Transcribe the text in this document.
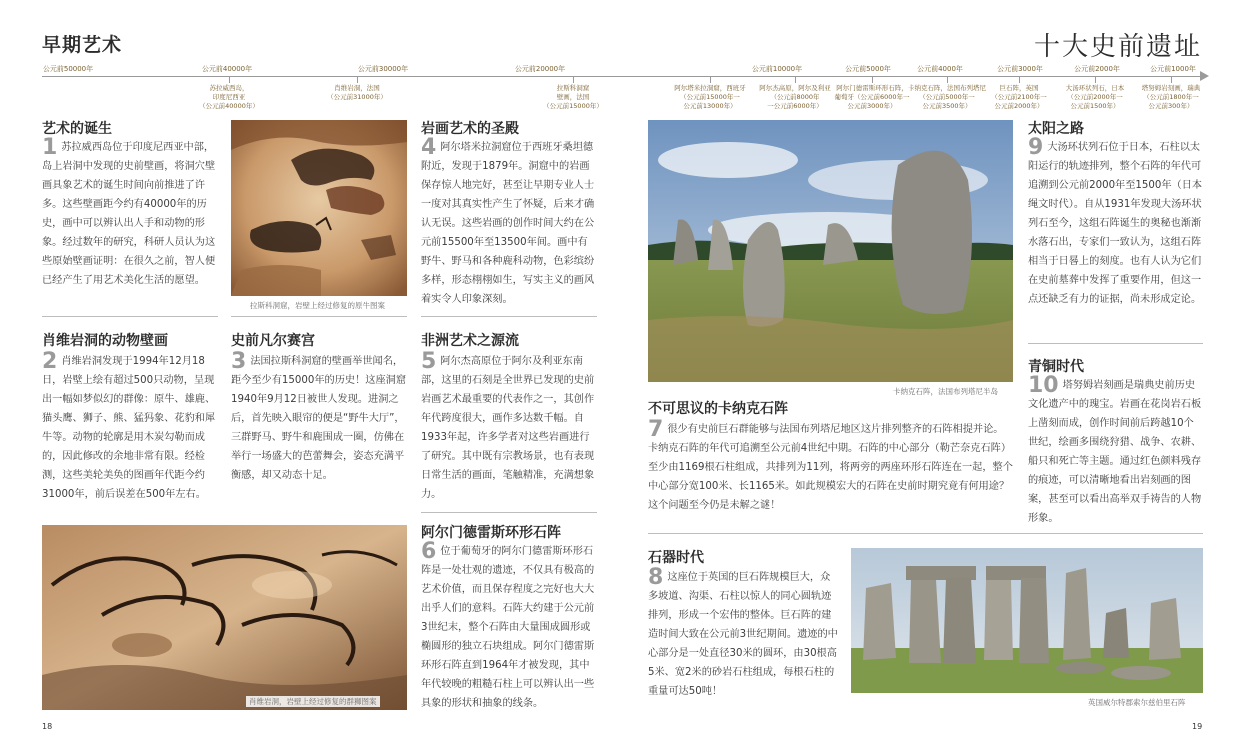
早期艺术	十大史前遗址
公元前50000年	公元前40000年	公元前30000年	公元前20000年	公元前10000年	公元前5000年	公元前4000年	公元前3000年	公元前2000年	公元前1000年
苏拉威西岛，
印度尼西亚
（公元前40000年）
肖维岩洞，法国
（公元前31000年）
拉斯科洞窟
壁画，法国
（公元前15000年）
阿尔塔米拉洞窟，西班牙
（公元前15000年一
公元前13000年）
阿尔杰高原，阿尔及利亚
（公元前8000年
一公元前6000年）
阿尔门德雷斯环形石阵，
葡萄牙（公元前6000年一
公元前3000年）
卡纳克石阵，法国布列塔尼
（公元前5000年一
公元前3500年）
巨石阵，英国
（公元前2100年一
公元前2000年）
大汤环状列石，日本
（公元前2000年一
公元前1500年）
塔努姆岩刻画，瑞典
（公元前1800年一
公元前300年）
艺术的诞生
1 苏拉威西岛位于印度尼西亚中部，岛上岩洞中发现的史前壁画，将洞穴壁画具象艺术的诞生时间向前推进了许多。这些壁画距今约有40000年的历史，画中可以辨认出人手和动物的形象。经过数年的研究，科研人员认为这些原始壁画证明：在很久之前，智人便已经产生了用艺术美化生活的愿望。
肖维岩洞的动物壁画
2 肖维岩洞发现于1994年12月18日，岩壁上绘有超过500只动物，呈现出一幅如梦似幻的群像：原牛、雄鹿、猫头鹰、狮子、熊、猛犸象、花豹和犀牛等。动物的轮廓是用木炭勾勒而成的，因此修改的余地非常有限。经检测，这些美轮美奂的图画年代距今约31000年，前后误差在500年左右。
拉斯科洞窟，岩壁上经过修复的原牛图案
史前凡尔赛宫
3 法国拉斯科洞窟的壁画举世闻名，距今至少有15000年的历史！这座洞窟1940年9月12日被世人发现。进洞之后，首先映入眼帘的便是“野牛大厅”，三群野马、野牛和鹿围成一圈，仿佛在举行一场盛大的芭蕾舞会，姿态充满平衡感，却又动态十足。
肖维岩洞，岩壁上经过修复的群狮图案
岩画艺术的圣殿
4 阿尔塔米拉洞窟位于西班牙桑坦德附近，发现于1879年。洞窟中的岩画保存惊人地完好，甚至让早期专业人士一度对其真实性产生了怀疑，后来才确认无误。这些岩画的创作时间大约在公元前15500年至13500年间。画中有野牛、野马和各种鹿科动物，色彩缤纷多样，形态栩栩如生，写实主义的画风着实令人印象深刻。
非洲艺术之源流
5 阿尔杰高原位于阿尔及利亚东南部，这里的石刻是全世界已发现的史前岩画艺术最重要的代表作之一，其创作年代跨度很大，画作多达数千幅。自1933年起，许多学者对这些岩画进行了研究。其中既有宗教场景，也有表现日常生活的画面，笔触精准，充满想象力。
阿尔门德雷斯环形石阵
6 位于葡萄牙的阿尔门德雷斯环形石阵是一处壮观的遗迹，不仅具有极高的艺术价值，而且保存程度之完好也大大出乎人们的意料。石阵大约建于公元前3世纪末，整个石阵由大量围成圆形或椭圆形的独立石块组成。阿尔门德雷斯环形石阵直到1964年才被发现，其中年代较晚的粗糙石柱上可以辨认出一些具象的形状和抽象的线条。
卡纳克石阵，法国布列塔尼半岛
不可思议的卡纳克石阵
7 很少有史前巨石群能够与法国布列塔尼地区这片排列整齐的石阵相提并论。卡纳克石阵的年代可追溯至公元前4世纪中期。石阵的中心部分（勒芒奈克石阵）至少由1169根石柱组成，共排列为11列，将两旁的两座环形石阵连在一起，整个中心部分宽100米、长1165米。如此规模宏大的石阵在史前时期究竟有何用途？这个问题至今仍是未解之谜！
石器时代
8 这座位于英国的巨石阵规模巨大，众多坡道、沟渠、石柱以惊人的同心圆轨迹排列，形成一个宏伟的整体。巨石阵的建造时间大致在公元前3世纪期间。遗迹的中心部分是一处直径30米的圆环，由30根高5米、宽2米的砂岩石柱组成，每根石柱的重量可达50吨！
英国威尔特郡索尔兹伯里石阵
太阳之路
9 大汤环状列石位于日本，石柱以太阳运行的轨迹排列，整个石阵的年代可追溯到公元前2000年至1500年（日本绳文时代）。自从1931年发现大汤环状列石至今，这组石阵诞生的奥秘也渐渐水落石出，专家们一致认为，这组石阵相当于日晷上的刻度。也有人认为它们在史前墓葬中发挥了重要作用，但这一点还缺乏有力的证据，尚未形成定论。
青铜时代
10 塔努姆岩刻画是瑞典史前历史文化遗产中的瑰宝。岩画在花岗岩石板上凿刻而成，创作时间前后跨越10个世纪，绘画多围绕狩猎、战争、农耕、船只和死亡等主题。通过红色颜料残存的痕迹，可以清晰地看出岩刻画的图案，甚至可以看出高举双手祷告的人物形象。
18	19
